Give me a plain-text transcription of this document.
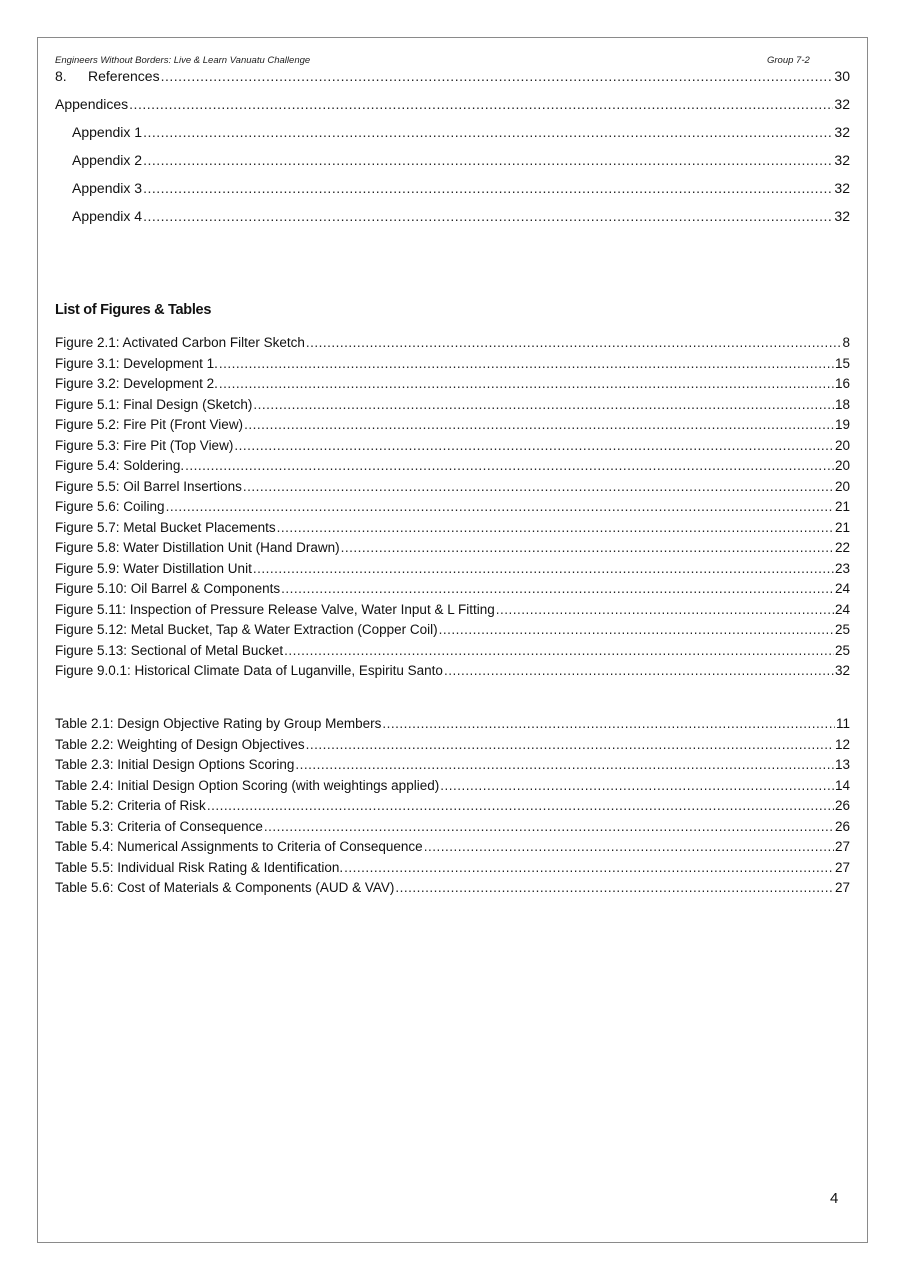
Engineers Without Borders: Live & Learn Vanuatu Challenge	Group 7-2
8. References .....	30
Appendices .....	32
Appendix 1 .....	32
Appendix 2 .....	32
Appendix 3 .....	32
Appendix 4 .....	32
List of Figures & Tables
Figure 2.1: Activated Carbon Filter Sketch .....	8
Figure 3.1: Development 1. .....	15
Figure 3.2: Development 2. .....	16
Figure 5.1: Final Design (Sketch) .....	18
Figure 5.2: Fire Pit (Front View) .....	19
Figure 5.3: Fire Pit (Top View) .....	20
Figure 5.4: Soldering. .....	20
Figure 5.5: Oil Barrel Insertions .....	20
Figure 5.6: Coiling .....	21
Figure 5.7: Metal Bucket Placements .....	21
Figure 5.8: Water Distillation Unit (Hand Drawn) .....	22
Figure 5.9: Water Distillation Unit .....	23
Figure 5.10: Oil Barrel & Components .....	24
Figure 5.11: Inspection of Pressure Release Valve, Water Input & L Fitting .....	24
Figure 5.12: Metal Bucket, Tap & Water Extraction (Copper Coil) .....	25
Figure 5.13: Sectional of Metal Bucket .....	25
Figure 9.0.1: Historical Climate Data of Luganville, Espiritu Santo .....	32
Table 2.1: Design Objective Rating by Group Members .....	11
Table 2.2: Weighting of Design Objectives .....	12
Table 2.3: Initial Design Options Scoring .....	13
Table 2.4: Initial Design Option Scoring (with weightings applied) .....	14
Table 5.2: Criteria of Risk .....	26
Table 5.3: Criteria of Consequence .....	26
Table 5.4: Numerical Assignments to Criteria of Consequence .....	27
Table 5.5: Individual Risk Rating & Identification. .....	27
Table 5.6: Cost of Materials & Components (AUD & VAV) .....	27
4
